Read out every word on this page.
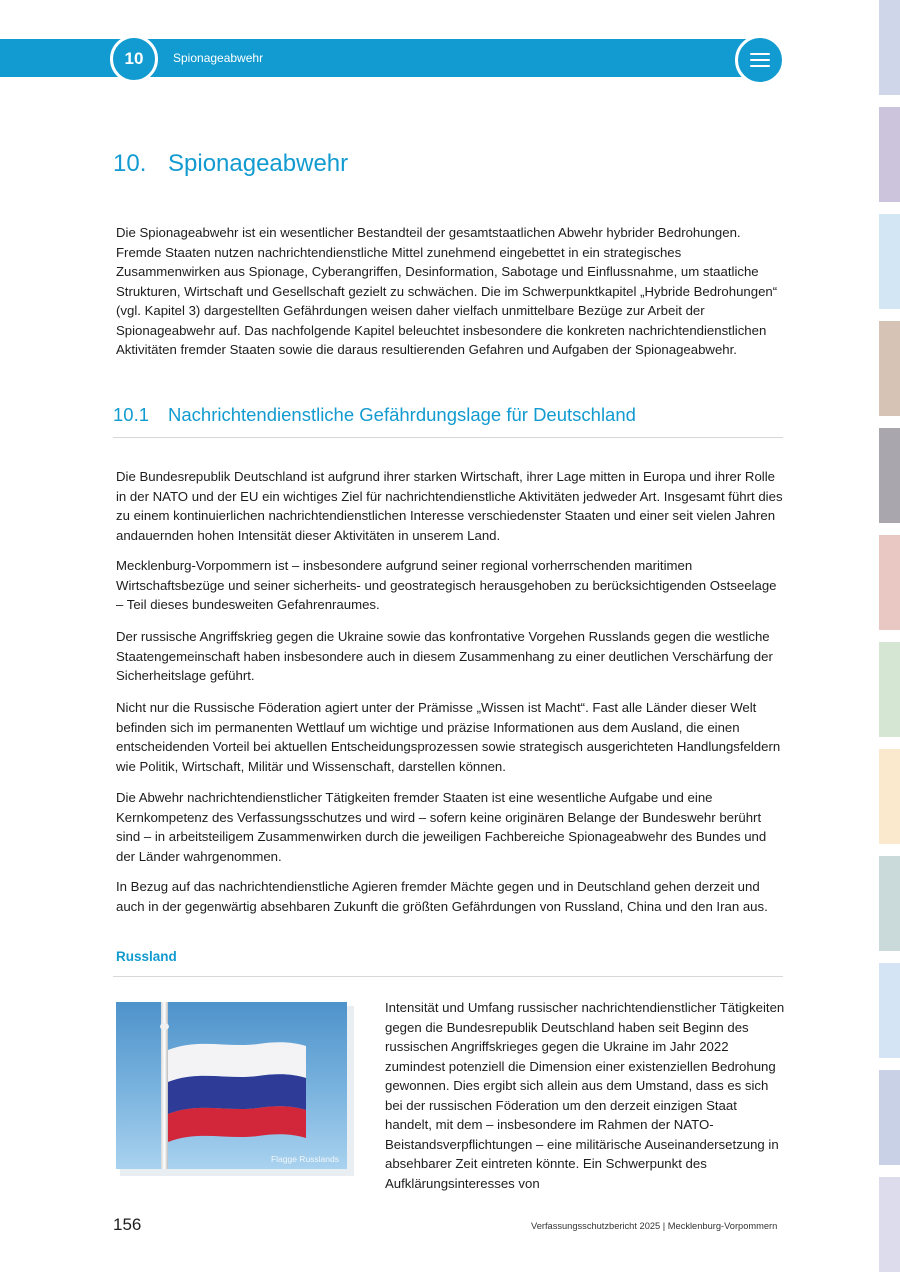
10	Spionageabwehr
10. Spionageabwehr

Die Spionageabwehr ist ein wesentlicher Bestandteil der gesamtstaatlichen Abwehr hybrider Bedrohungen. Fremde Staaten nutzen nachrichtendienstliche Mittel zunehmend eingebettet in ein strategisches Zusammenwirken aus Spionage, Cyberangriffen, Desinformation, Sabotage und Einflussnahme, um staatliche Strukturen, Wirtschaft und Gesellschaft gezielt zu schwächen. Die im Schwerpunktkapitel „Hybride Bedrohungen“ (vgl. Kapitel 3) dargestellten Gefährdungen weisen daher vielfach unmittelbare Bezüge zur Arbeit der Spionageabwehr auf. Das nachfolgende Kapitel beleuchtet insbesondere die konkreten nachrichtendienstlichen Aktivitäten fremder Staaten sowie die daraus resultierenden Gefahren und Aufgaben der Spionageabwehr.

10.1 Nachrichtendienstliche Gefährdungslage für Deutschland

Die Bundesrepublik Deutschland ist aufgrund ihrer starken Wirtschaft, ihrer Lage mitten in Europa und ihrer Rolle in der NATO und der EU ein wichtiges Ziel für nachrichtendienstliche Aktivitäten jedweder Art. Insgesamt führt dies zu einem kontinuierlichen nachrichtendienstlichen Interesse verschiedenster Staaten und einer seit vielen Jahren andauernden hohen Intensität dieser Aktivitäten in unserem Land.

Mecklenburg-Vorpommern ist – insbesondere aufgrund seiner regional vorherrschenden maritimen Wirtschaftsbezüge und seiner sicherheits- und geostrategisch herausgehoben zu berücksichtigenden Ostseelage – Teil dieses bundesweiten Gefahrenraumes.

Der russische Angriffskrieg gegen die Ukraine sowie das konfrontative Vorgehen Russlands gegen die westliche Staatengemeinschaft haben insbesondere auch in diesem Zusammenhang zu einer deutlichen Verschärfung der Sicherheitslage geführt.

Nicht nur die Russische Föderation agiert unter der Prämisse „Wissen ist Macht“. Fast alle Länder dieser Welt befinden sich im permanenten Wettlauf um wichtige und präzise Informationen aus dem Ausland, die einen entscheidenden Vorteil bei aktuellen Entscheidungsprozessen sowie strategisch ausgerichteten Handlungsfeldern wie Politik, Wirtschaft, Militär und Wissenschaft, darstellen können.

Die Abwehr nachrichtendienstlicher Tätigkeiten fremder Staaten ist eine wesentliche Aufgabe und eine Kernkompetenz des Verfassungsschutzes und wird – sofern keine originären Belange der Bundeswehr berührt sind – in arbeitsteiligem Zusammenwirken durch die jeweiligen Fachbereiche Spionageabwehr des Bundes und der Länder wahrgenommen.

In Bezug auf das nachrichtendienstliche Agieren fremder Mächte gegen und in Deutschland gehen derzeit und auch in der gegenwärtig absehbaren Zukunft die größten Gefährdungen von Russland, China und den Iran aus.

Russland
Flagge Russlands

Intensität und Umfang russischer nachrichtendienstlicher Tätigkeiten gegen die Bundesrepublik Deutschland haben seit Beginn des russischen Angriffskrieges gegen die Ukraine im Jahr 2022 zumindest potenziell die Dimension einer existenziellen Bedrohung gewonnen. Dies ergibt sich allein aus dem Umstand, dass es sich bei der russischen Föderation um den derzeit einzigen Staat handelt, mit dem – insbesondere im Rahmen der NATO-Beistandsverpflichtungen – eine militärische Auseinandersetzung in absehbarer Zeit eintreten könnte. Ein Schwerpunkt des Aufklärungsinteresses von

156	Verfassungsschutzbericht 2025 | Mecklenburg-Vorpommern
